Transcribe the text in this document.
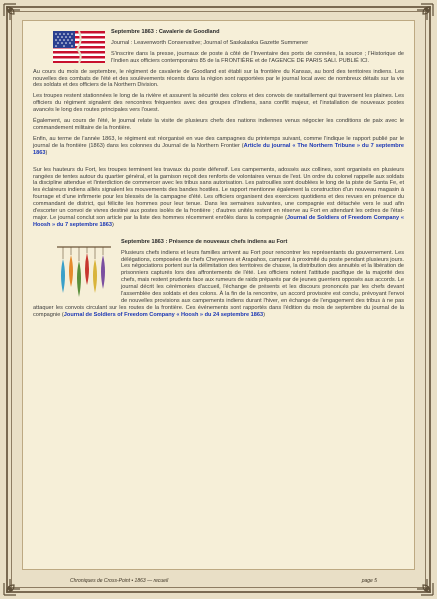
Septembre 1863 : Cavalerie de Goodland

Journal : Leavenworth Conservative; Journal of Saskalaska Gazette Summener

S'inscrire dans la presse, journaux de poste à côté de l'Inventaire des ports de connées, la source ; l'Historique de l'Indien aux officiers contemporains 85 de la FRONTIÈRE et de l'AGENCE DE PARIS SALI. PUBLIÉ ICI.

Au cours du mois de septembre, le régiment de cavalerie de Goodland est établi sur la frontière du Kansas, au bord des territoires indiens. Les nouvelles des combats de l'été et des soulèvements récents dans la région sont rapportées par le journal local avec de nombreux détails sur la vie des soldats et des officiers de la Northern Division.

Les troupes restent stationnées le long de la rivière et assurent la sécurité des colons et des convois de ravitaillement qui traversent les plaines. Les officiers du régiment signalent des rencontres fréquentes avec des groupes d'Indiens, sans conflit majeur, et l'installation de nouveaux postes avancés le long des routes principales vers l'ouest.

Également, au cours de l'été, le journal relate la visite de plusieurs chefs des nations indiennes venus négocier les conditions de paix avec le commandement militaire de la frontière.

Enfin, au terme de l'année 1863, le régiment est réorganisé en vue des campagnes du printemps suivant, comme l'indique le rapport publié par le journal de la frontière (1863) dans les colonnes du Journal de la Northern Frontier (Article du journal « The Northern Tribune » du 7 septembre 1863)

Sur les hauteurs du Fort, les troupes terminent les travaux du poste défensif. Les campements, adossés aux collines, sont organisés en plusieurs rangées de tentes autour du quartier général, et la garnison reçoit des renforts de volontaires venus de l'est. Un ordre du colonel rappelle aux soldats la discipline attendue et l'interdiction de commercer avec les tribus sans autorisation. Les patrouilles sont doublées le long de la piste de Santa Fe, et les éclaireurs indiens alliés signalent les mouvements des bandes hostiles. Le rapport mentionne également la construction d'un nouveau magasin à fourrage et d'une infirmerie pour les blessés de la campagne d'été. Les officiers organisent des exercices quotidiens et des revues en présence du commandant de district, qui félicite les hommes pour leur tenue. Dans les semaines suivantes, une compagnie est détachée vers le sud afin d'escorter un convoi de vivres destiné aux postes isolés de la frontière ; d'autres unités restent en réserve au Fort en attendant les ordres de l'état-major. Le journal conclut son article par la liste des hommes récemment enrôlés dans la compagnie (Journal de Soldiers of Freedom Company « Hoosh » du 7 septembre 1863)

Septembre 1863 : Présence de nouveaux chefs indiens au Fort

Plusieurs chefs indiens et leurs familles arrivent au Fort pour rencontrer les représentants du gouvernement. Les délégations, composées de chefs Cheyennes et Arapahos, campent à proximité du poste pendant plusieurs jours. Les négociations portent sur la délimitation des territoires de chasse, la distribution des annuités et la libération de prisonniers capturés lors des affrontements de l'été. Les officiers notent l'attitude pacifique de la majorité des chefs, mais restent prudents face aux rumeurs de raids préparés par de jeunes guerriers opposés aux accords. Le journal décrit les cérémonies d'accueil, l'échange de présents et les discours prononcés par les chefs devant l'assemblée des soldats et des colons. À la fin de la rencontre, un accord provisoire est conclu, prévoyant l'envoi de nouvelles provisions aux campements indiens durant l'hiver, en échange de l'engagement des tribus à ne pas attaquer les convois circulant sur les routes de la frontière. Ces événements sont rapportés dans l'édition du mois de septembre du journal de la compagnie (Journal de Soldiers of Freedom Company « Hoosh » du 24 septembre 1863)

Chroniques de Cross-Point • 1863 — recueil	page 5
